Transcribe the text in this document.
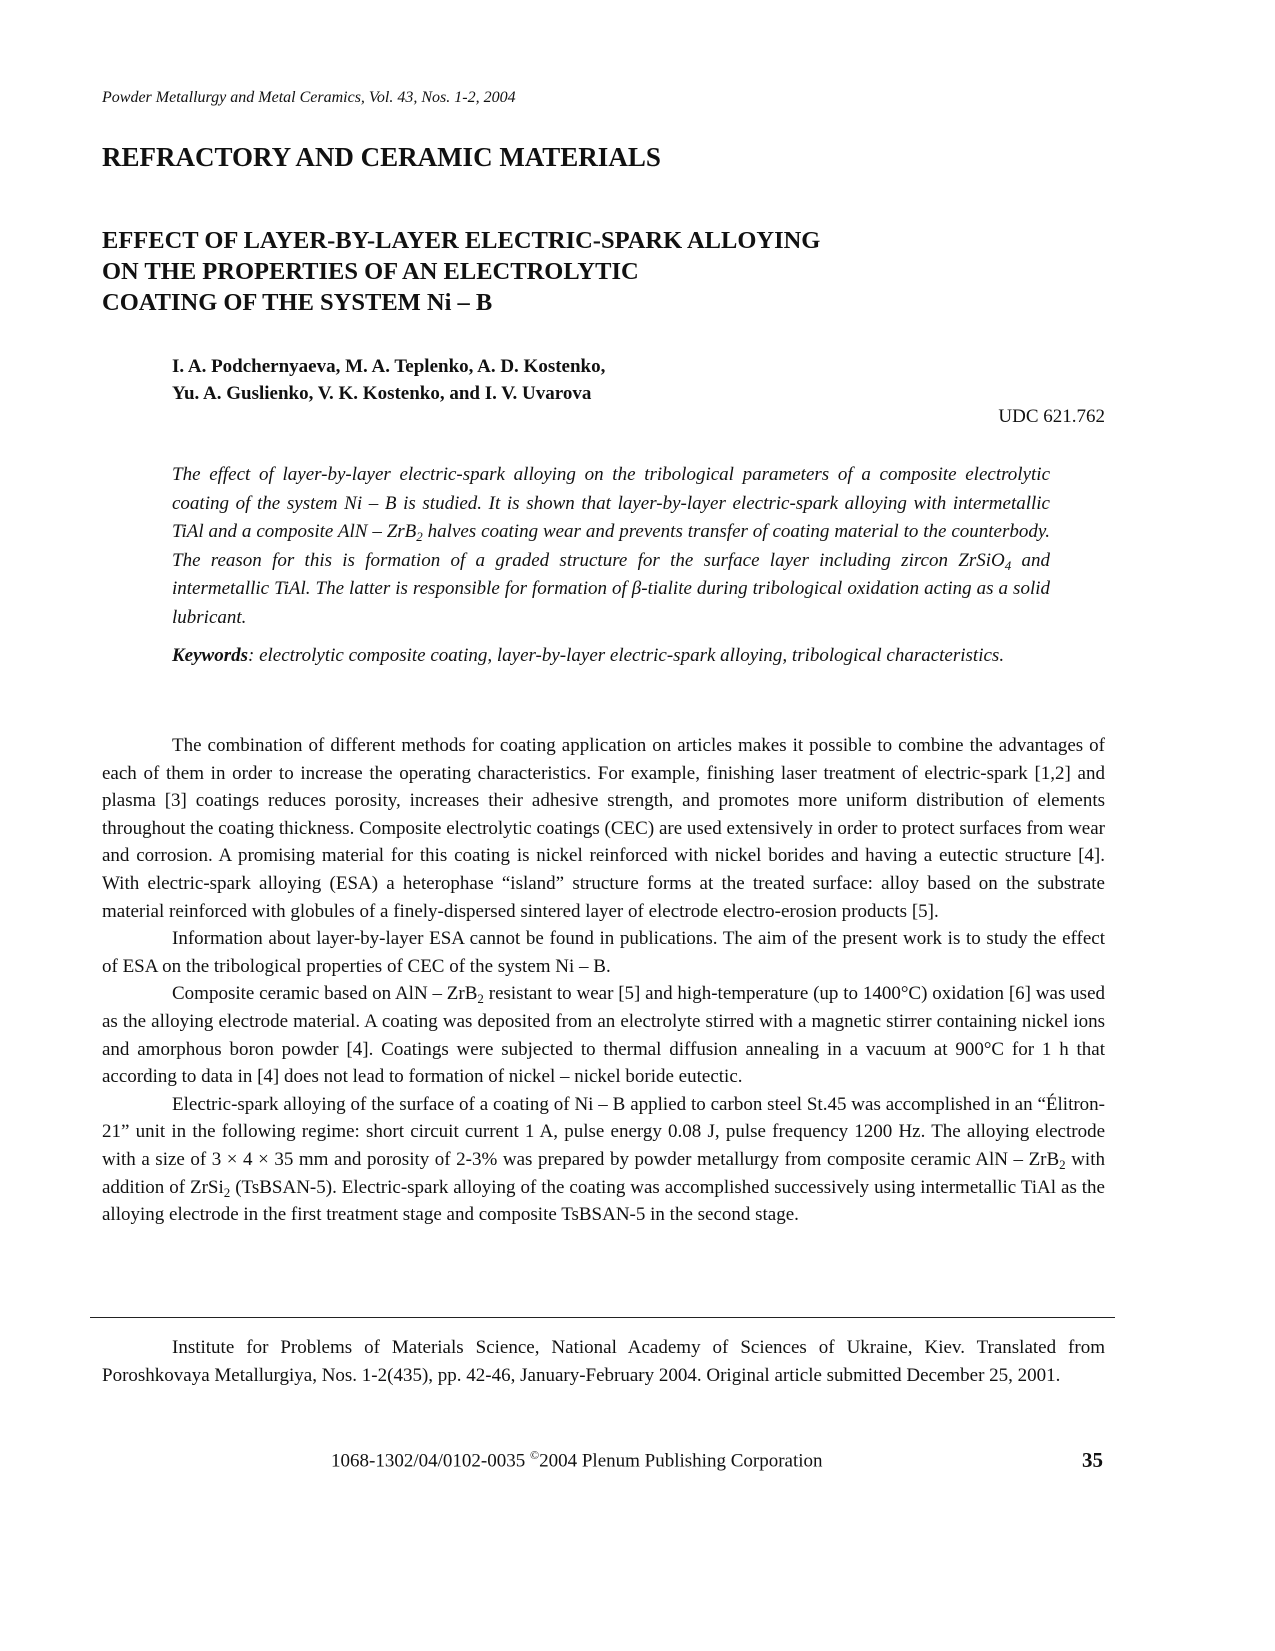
Powder Metallurgy and Metal Ceramics, Vol. 43, Nos. 1-2, 2004
REFRACTORY AND CERAMIC MATERIALS
EFFECT OF LAYER-BY-LAYER ELECTRIC-SPARK ALLOYING
ON THE PROPERTIES OF AN ELECTROLYTIC
COATING OF THE SYSTEM Ni – B
I. A. Podchernyaeva, M. A. Teplenko, A. D. Kostenko,
Yu. A. Guslienko, V. K. Kostenko, and I. V. Uvarova
UDC 621.762
The effect of layer-by-layer electric-spark alloying on the tribological parameters of a composite electrolytic coating of the system Ni – B is studied. It is shown that layer-by-layer electric-spark alloying with intermetallic TiAl and a composite AlN – ZrB$_2$ halves coating wear and prevents transfer of coating material to the counterbody. The reason for this is formation of a graded structure for the surface layer including zircon ZrSiO$_4$ and intermetallic TiAl. The latter is responsible for formation of β-tialite during tribological oxidation acting as a solid lubricant.
Keywords: electrolytic composite coating, layer-by-layer electric-spark alloying, tribological characteristics.

The combination of different methods for coating application on articles makes it possible to combine the advantages of each of them in order to increase the operating characteristics. For example, finishing laser treatment of electric-spark [1,2] and plasma [3] coatings reduces porosity, increases their adhesive strength, and promotes more uniform distribution of elements throughout the coating thickness. Composite electrolytic coatings (CEC) are used extensively in order to protect surfaces from wear and corrosion. A promising material for this coating is nickel reinforced with nickel borides and having a eutectic structure [4]. With electric-spark alloying (ESA) a heterophase “island” structure forms at the treated surface: alloy based on the substrate material reinforced with globules of a finely-dispersed sintered layer of electrode electro-erosion products [5].

Information about layer-by-layer ESA cannot be found in publications. The aim of the present work is to study the effect of ESA on the tribological properties of CEC of the system Ni – B.

Composite ceramic based on AlN – ZrB$_2$ resistant to wear [5] and high-temperature (up to 1400°C) oxidation [6] was used as the alloying electrode material. A coating was deposited from an electrolyte stirred with a magnetic stirrer containing nickel ions and amorphous boron powder [4]. Coatings were subjected to thermal diffusion annealing in a vacuum at 900°C for 1 h that according to data in [4] does not lead to formation of nickel – nickel boride eutectic.

Electric-spark alloying of the surface of a coating of Ni – B applied to carbon steel St.45 was accomplished in an “Élitron-21” unit in the following regime: short circuit current 1 A, pulse energy 0.08 J, pulse frequency 1200 Hz. The alloying electrode with a size of 3 × 4 × 35 mm and porosity of 2-3% was prepared by powder metallurgy from composite ceramic AlN – ZrB$_2$ with addition of ZrSi$_2$ (TsBSAN-5). Electric-spark alloying of the coating was accomplished successively using intermetallic TiAl as the alloying electrode in the first treatment stage and composite TsBSAN-5 in the second stage.

Institute for Problems of Materials Science, National Academy of Sciences of Ukraine, Kiev. Translated from Poroshkovaya Metallurgiya, Nos. 1-2(435), pp. 42-46, January-February 2004. Original article submitted December 25, 2001.
1068-1302/04/0102-0035 ©2004 Plenum Publishing Corporation	35
